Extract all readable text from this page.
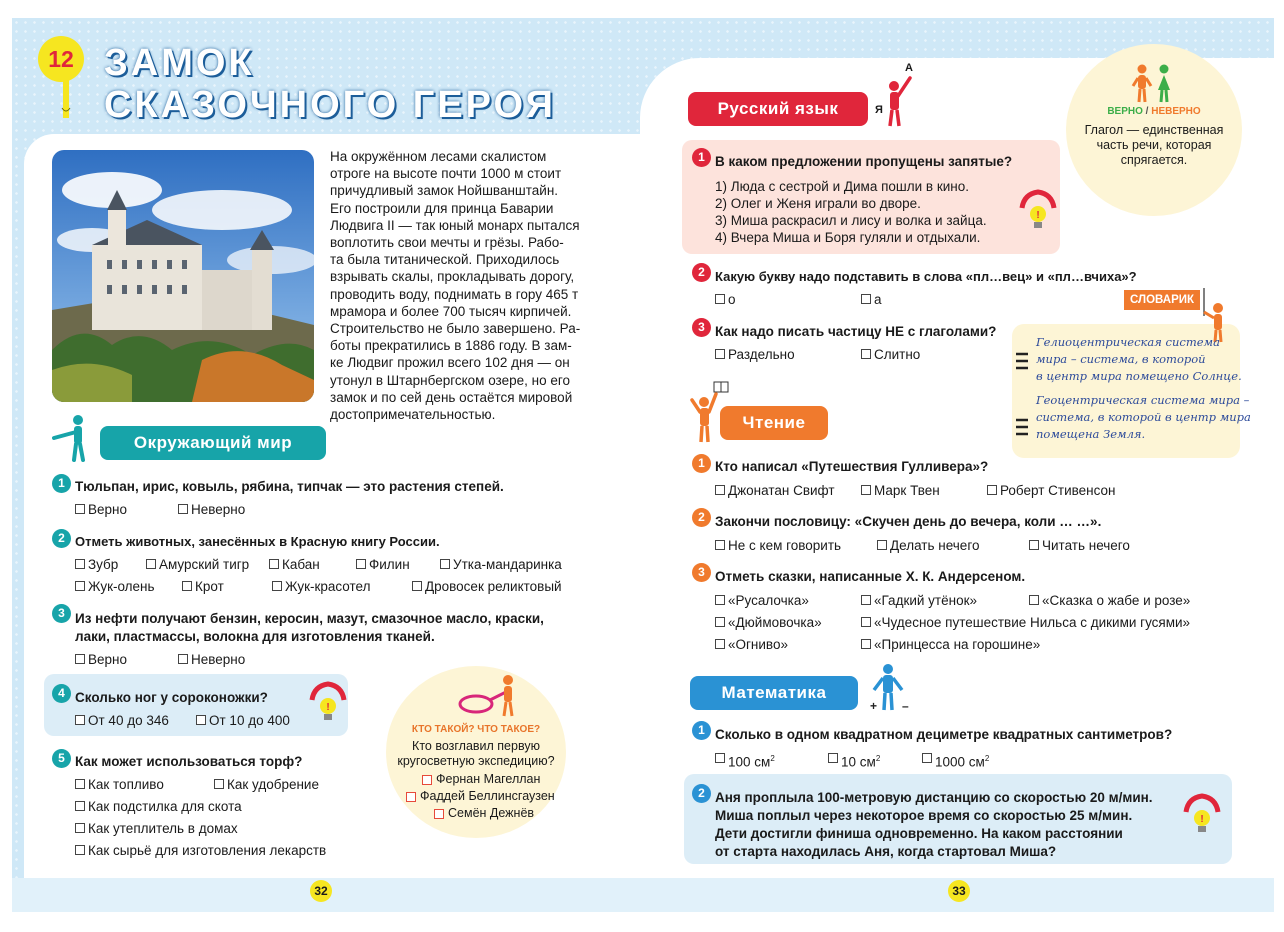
12 ЗАМОК
СКАЗОЧНОГО ГЕРОЯ
На окружённом лесами скалистом
отроге на высоте почти 1000 м стоит
причудливый замок Нойшванштайн.
Его построили для принца Баварии
Людвига II — так юный монарх пытался
воплотить свои мечты и грёзы. Рабо-
та была титанической. Приходилось
взрывать скалы, прокладывать дорогу,
проводить воду, поднимать в гору 465 т
мрамора и более 700 тысяч кирпичей.
Строительство не было завершено. Ра-
боты прекратились в 1886 году. В зам-
ке Людвиг прожил всего 102 дня — он
утонул в Штарнбергском озере, но его
замок и по сей день остаётся мировой
достопримечательностью.
Окружающий мир
1 Тюльпан, ирис, ковыль, рябина, типчак — это растения степей.
Верно	Неверно
2 Отметь животных, занесённых в Красную книгу России.
Зубр	Амурский тигр Кабан	Филин	Утка-мандаринка
Жук-олень	Крот	Жук-красотел	Дровосек реликтовый
3 Из нефти получают бензин, керосин, мазут, смазочное масло, краски,
лаки, пластмассы, волокна для изготовления тканей.
Верно	Неверно
4 Сколько ног у сороконожки?
От 40 до 346	От 10 до 400
!
5 Как может использоваться торф?
Как топливо	Как удобрение
Как подстилка для скота
Как утеплитель в домах
Как сырьё для изготовления лекарств
КТО ТАКОЙ? ЧТО ТАКОЕ?
Кто возглавил первую
кругосветную экспедицию?
Фернан Магеллан
Фаддей Беллинсгаузен
Семён Дежнёв
Русский язык
А
Я
1 В каком предложении пропущены запятые?
1) Люда с сестрой и Дима пошли в кино.
2) Олег и Женя играли во дворе.
3) Миша раскрасил и лису и волка и зайца.
4) Вчера Миша и Боря гуляли и отдыхали.
!
2 Какую букву надо подставить в слова «пл…вец» и «пл…вчиха»?
о	а
3 Как надо писать частицу НЕ с глаголами?
Раздельно	Слитно
ВЕРНО / НЕВЕРНО
Глагол — единственная
часть речи, которая
спрягается.
СЛОВАРИК
Гелиоцентрическая система
мира – система, в которой
в центр мира помещено Солнце.
Геоцентрическая система мира –
система, в которой в центр мира
помещена Земля.
Чтение
1 Кто написал «Путешествия Гулливера»?
Джонатан Свифт	Марк Твен	Роберт Стивенсон
2 Закончи пословицу: «Скучен день до вечера, коли … …».
Не с кем говорить	Делать нечего	Читать нечего
3 Отметь сказки, написанные Х. К. Андерсеном.
«Русалочка»	«Гадкий утёнок»	«Сказка о жабе и розе»
«Дюймовочка»	«Чудесное путешествие Нильса с дикими гусями»
«Огниво»	«Принцесса на горошине»
Математика
+ –
1 Сколько в одном квадратном дециметре квадратных сантиметров?
100 $см^2$	10 $см^2$	1000 $см^2$
2 Аня проплыла 100-метровую дистанцию со скоростью 20 м/мин.
Миша поплыл через некоторое время со скоростью 25 м/мин.
Дети достигли финиша одновременно. На каком расстоянии
от старта находилась Аня, когда стартовал Миша?
!
32	33
